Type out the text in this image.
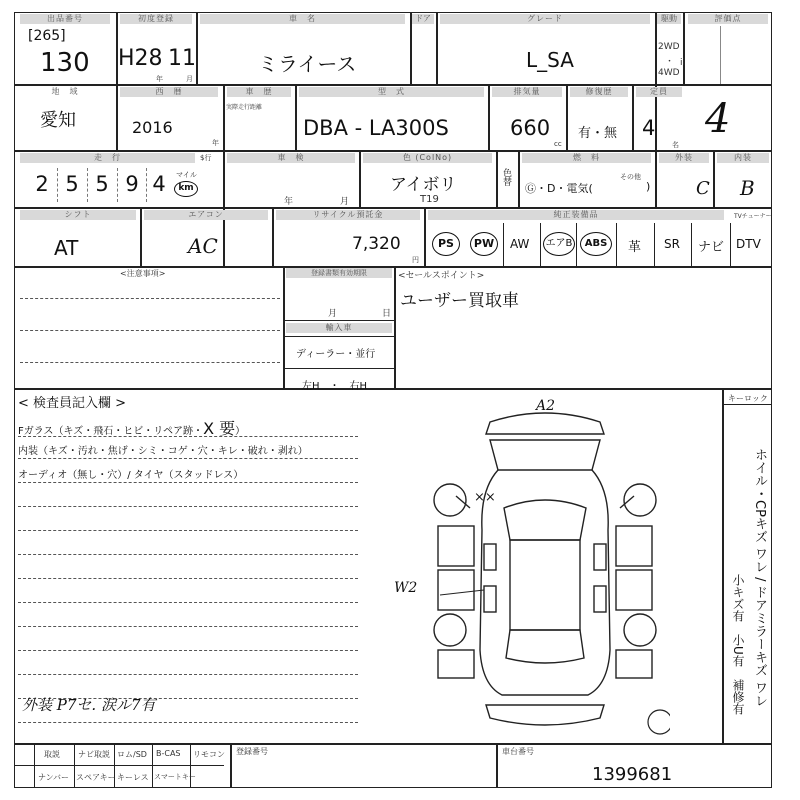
出品番号
[265]
130
初度登録
H28 11
年	月
車　名
ミライース
ドア	グレード
L_SA
駆動
2WD
・
4WD
ⅰⅰ
評価点
地　域
愛知
西　暦
2016
年
車　歴
実際走行距離
型　式
DBA - LA300S
排気量
660
cc
修復歴
有・無
定員
4
名
4
走　行	$行
2 5 5 9 4	マイル
km
車　検
年	月
色 (ColNo)
アイボリ
T19
色替
燃　料
Ⓖ・D・電気(
その他
)
外装
C
内装
B
シフト
AT
エアコン
AC
リサイクル預託金
7,320
円
純正装備品	TVチューナー
PS	PW	AW エアB	ABS	革 SR ナビ DTV
<注意事項>	登録書類有効期限
月	日
輸入車
ディーラー・並行
左H　・　右H
<セールスポイント>
ユーザー買取車
< 検査員記入欄 >
Fガラス（キズ・飛石・ヒビ・リペア跡・X 要）
内装（キズ・汚れ・焦げ・シミ・コゲ・穴・キレ・破れ・剥れ）
オーディオ（無し・穴）/ タイヤ（スタッドレス）
外装 P7セ. 涙ル7有
A2
W2
××
キーロック
ホイル・CPキズ ワレ / ドアミラーキズ ワレ
小キズ有　小U有　補修有
取説 ナビ取説 ロム/SD B-CAS リモコン
ナンバー スペアキー キーレス スマートキー
登録番号	車台番号
1399681
